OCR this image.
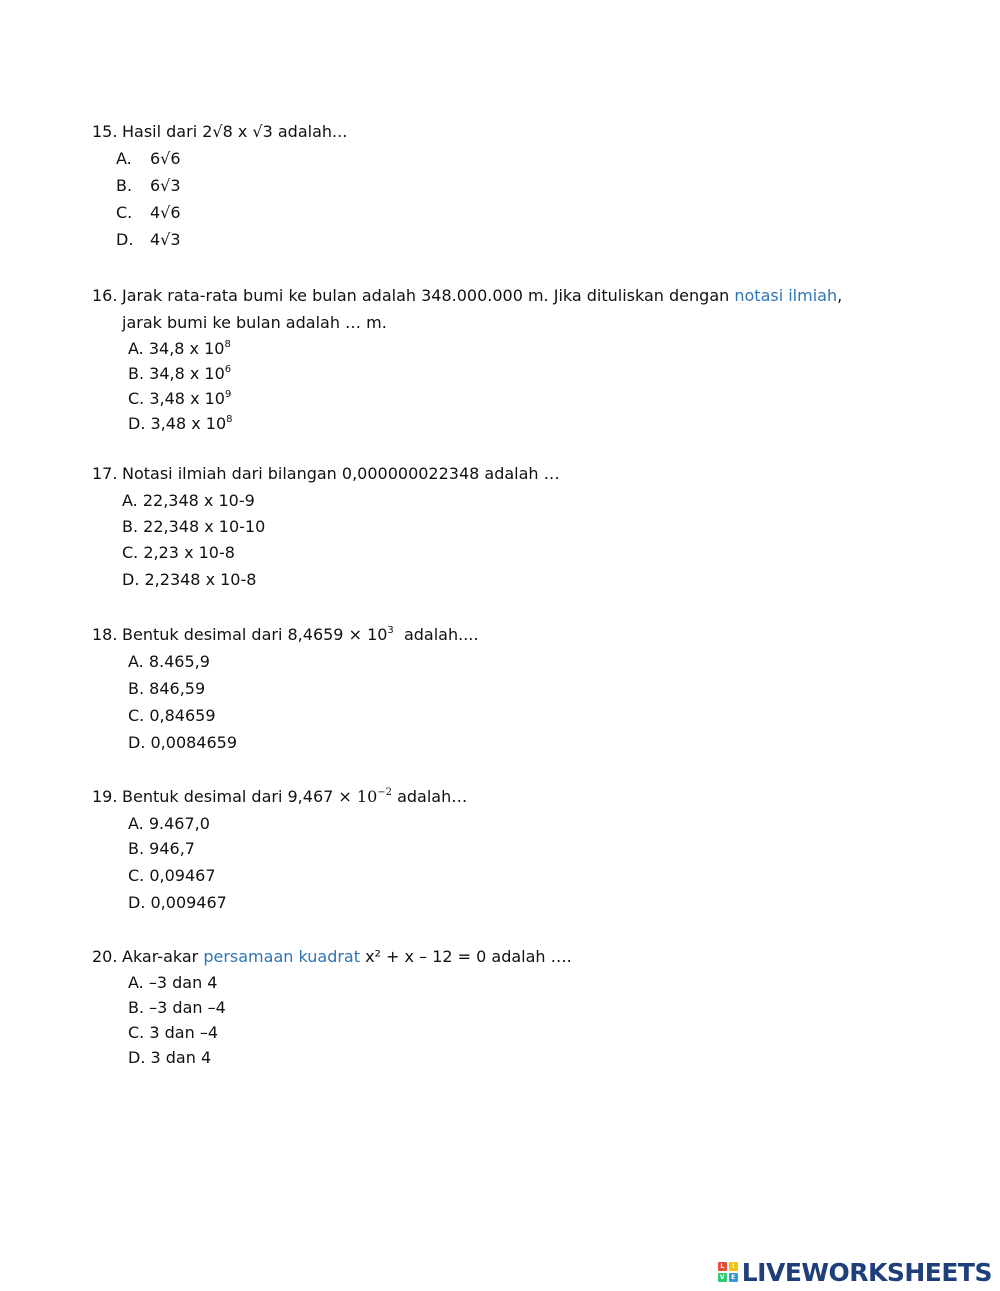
15. Hasil dari 2√8 x √3 adalah...
A. 6√6
B. 6√3
C. 4√6
D. 4√3
16. Jarak rata-rata bumi ke bulan adalah 348.000.000 m. Jika dituliskan dengan notasi ilmiah,
jarak bumi ke bulan adalah … m.
A. 34,8 x $10^8$
B. 34,8 x $10^6$
C. 3,48 x $10^9$
D. 3,48 x $10^8$
17. Notasi ilmiah dari bilangan 0,000000022348 adalah …
A. 22,348 x 10-9
B. 22,348 x 10-10
C. 2,23 x 10-8
D. 2,2348 x 10-8
18. Bentuk desimal dari $8,4659 \times 10^3$  adalah....
A. 8.465,9
B. 846,59
C. 0,84659
D. 0,0084659
19. Bentuk desimal dari $9,467 \times 10^{-2}$ adalah…
A. 9.467,0
B. 946,7
C. 0,09467
D. 0,009467
20. Akar-akar persamaan kuadrat x² + x – 12 = 0 adalah ….
A. –3 dan 4
B. –3 dan –4
C. 3 dan –4
D. 3 dan 4
L	I
V	E LIVEWORKSHEETS
